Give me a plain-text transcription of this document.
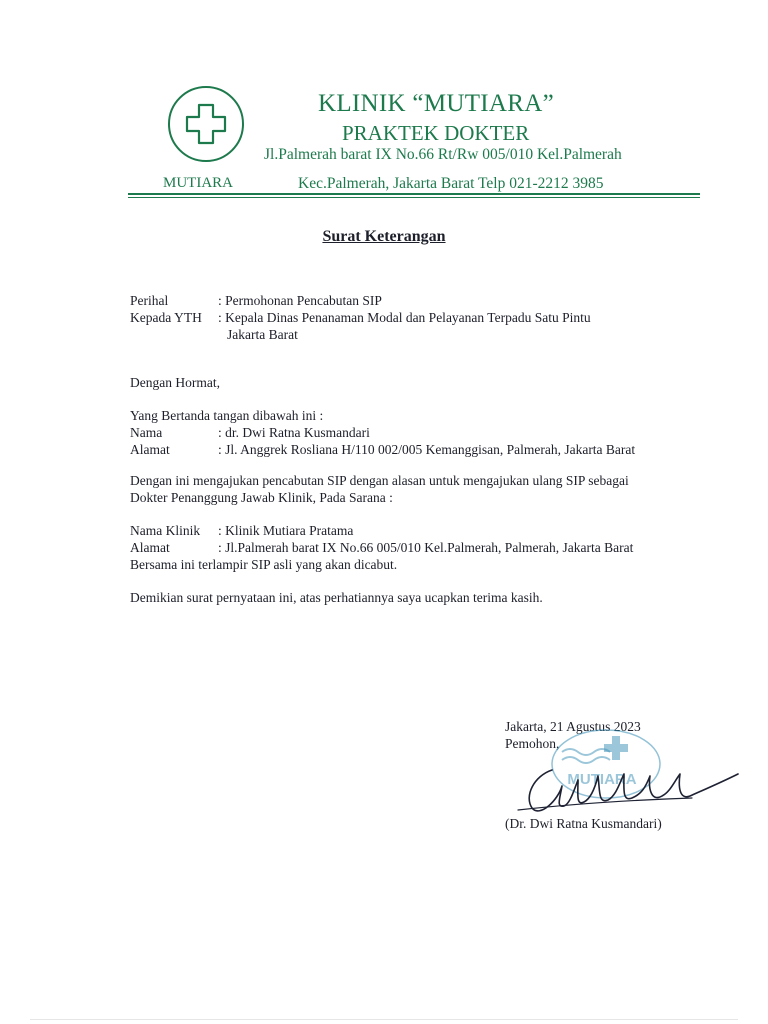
KLINIK “MUTIARA”
PRAKTEK DOKTER
Jl.Palmerah barat IX No.66 Rt/Rw 005/010 Kel.Palmerah
MUTIARA	Kec.Palmerah, Jakarta Barat Telp 021-2212 3985
Surat Keterangan
Perihal	: Permohonan Pencabutan SIP
Kepada YTH : Kepala Dinas Penanaman Modal dan Pelayanan Terpadu Satu Pintu
Jakarta Barat
Dengan Hormat,
Yang Bertanda tangan dibawah ini :
Nama	: dr. Dwi Ratna Kusmandari
Alamat	: Jl. Anggrek Rosliana H/110 002/005 Kemanggisan, Palmerah, Jakarta Barat
Dengan ini mengajukan pencabutan SIP dengan alasan untuk mengajukan ulang SIP sebagai
Dokter Penanggung Jawab Klinik, Pada Sarana :
Nama Klinik : Klinik Mutiara Pratama
Alamat	: Jl.Palmerah barat IX No.66 005/010 Kel.Palmerah, Palmerah, Jakarta Barat
Bersama ini terlampir SIP asli yang akan dicabut.
Demikian surat pernyataan ini, atas perhatiannya saya ucapkan terima kasih.
Jakarta, 21 Agustus 2023
Pemohon,
MUTIARA
(Dr. Dwi Ratna Kusmandari)
